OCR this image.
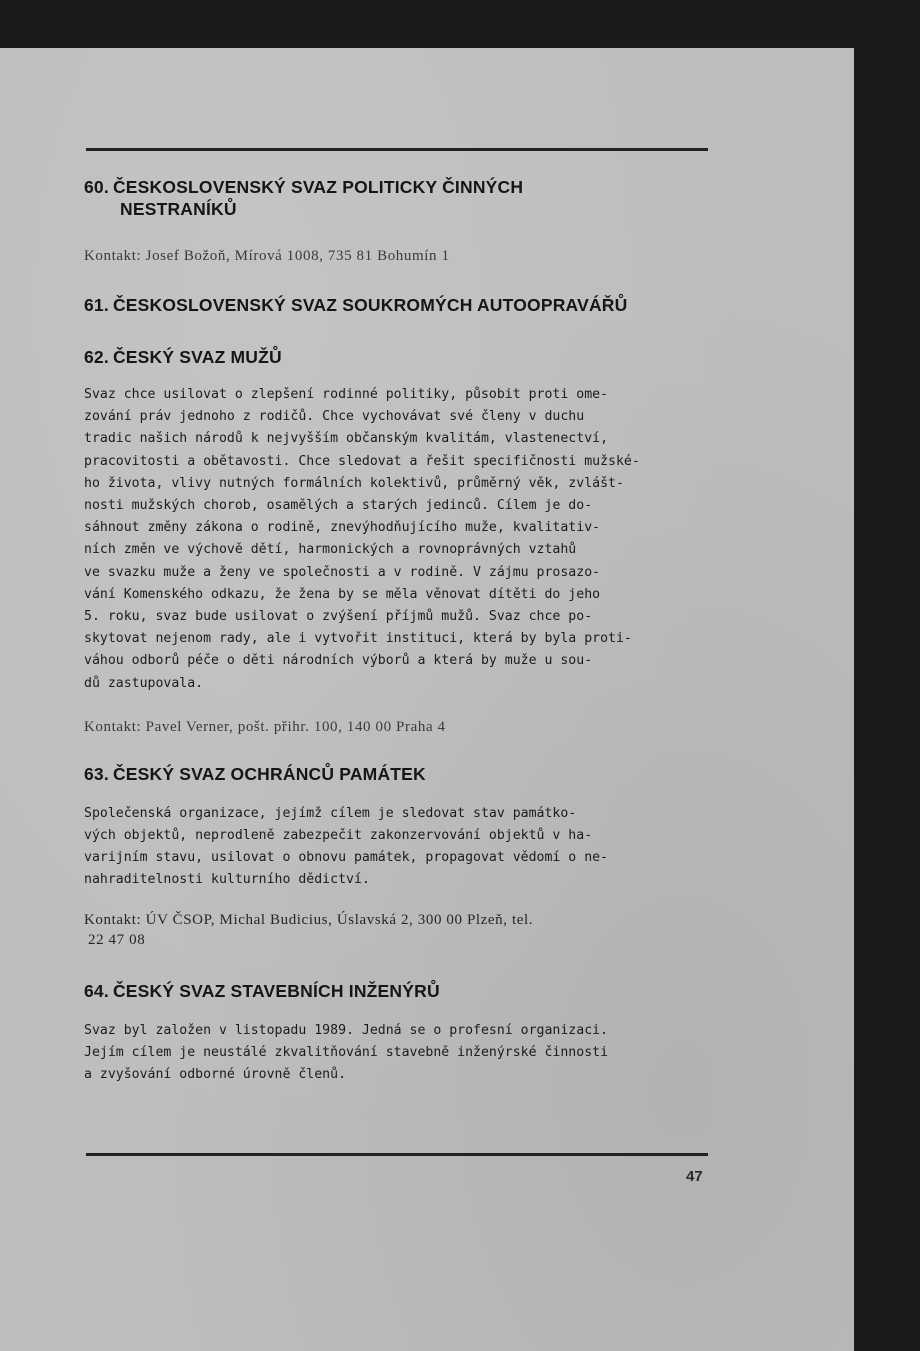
60. ČESKOSLOVENSKÝ SVAZ POLITICKY ČINNÝCH
NESTRANÍKŮ

Kontakt: Josef Božoň, Mírová 1008, 735 81 Bohumín 1

61. ČESKOSLOVENSKÝ SVAZ SOUKROMÝCH AUTOOPRAVÁŘŮ
62. ČESKÝ SVAZ MUŽŮ
Svaz chce usilovat o zlepšení rodinné politiky, působit proti ome-
zování práv jednoho z rodičů. Chce vychovávat své členy v duchu
tradic našich národů k nejvyšším občanským kvalitám, vlastenectví,
pracovitosti a obětavosti. Chce sledovat a řešit specifičnosti mužské-
ho života, vlivy nutných formálních kolektivů, průměrný věk, zvlášt-
nosti mužských chorob, osamělých a starých jedinců. Cílem je do-
sáhnout změny zákona o rodině, znevýhodňujícího muže, kvalitativ-
ních změn ve výchově dětí, harmonických a rovnoprávných vztahů
ve svazku muže a ženy ve společnosti a v rodině. V zájmu prosazo-
vání Komenského odkazu, že žena by se měla věnovat dítěti do jeho
5. roku, svaz bude usilovat o zvýšení příjmů mužů. Svaz chce po-
skytovat nejenom rady, ale i vytvořit instituci, která by byla proti-
váhou odborů péče o děti národních výborů a která by muže u sou-
dů zastupovala.

Kontakt: Pavel Verner, pošt. přihr. 100, 140 00 Praha 4

63. ČESKÝ SVAZ OCHRÁNCŮ PAMÁTEK
Společenská organizace, jejímž cílem je sledovat stav památko-
vých objektů, neprodleně zabezpečit zakonzervování objektů v ha-
varijním stavu, usilovat o obnovu památek, propagovat vědomí o ne-
nahraditelnosti kulturního dědictví.

Kontakt: ÚV ČSOP, Michal Budicius, Úslavská 2, 300 00 Plzeň, tel.

22 47 08

64. ČESKÝ SVAZ STAVEBNÍCH INŽENÝRŮ
Svaz byl založen v listopadu 1989. Jedná se o profesní organizaci.
Jejím cílem je neustálé zkvalitňování stavebně inženýrské činnosti
a zvyšování odborné úrovně členů.
47
